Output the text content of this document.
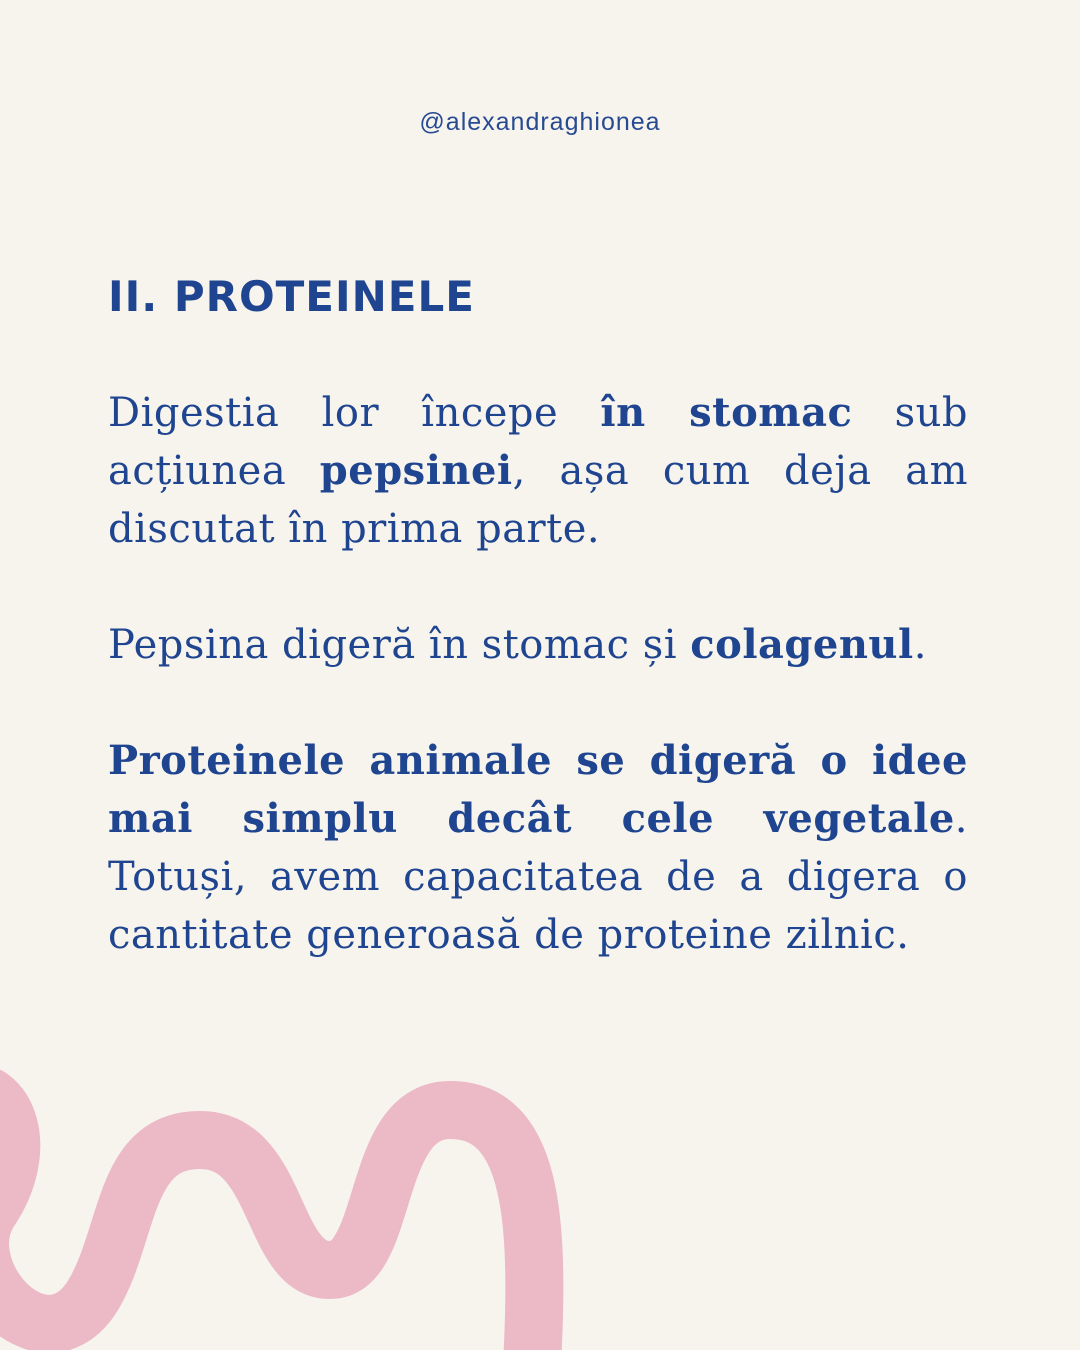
@alexandraghionea
II. PROTEINELE

Digestia lor începe în stomac sub acțiunea pepsinei, așa cum deja am discutat în prima parte.

Pepsina digeră în stomac și colagenul.

Proteinele animale se digeră o idee mai simplu decât cele vegetale. Totuși, avem capacitatea de a digera o cantitate generoasă de proteine zilnic.
